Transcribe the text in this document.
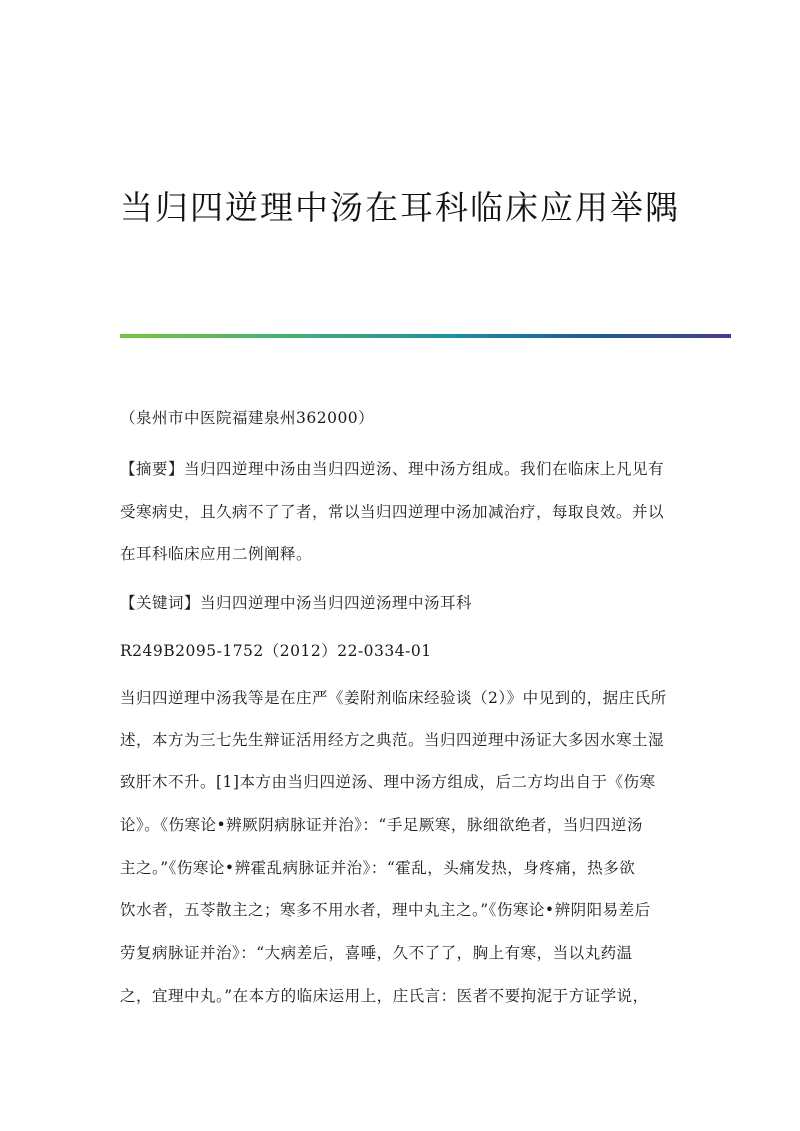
当归四逆理中汤在耳科临床应用举隅
（泉州市中医院福建泉州362000）
【摘要】当归四逆理中汤由当归四逆汤、理中汤方组成。我们在临床上凡见有
受寒病史，且久病不了了者，常以当归四逆理中汤加减治疗，每取良效。并以
在耳科临床应用二例阐释。
【关键词】当归四逆理中汤当归四逆汤理中汤耳科
R249B2095-1752（2012）22-0334-01
当归四逆理中汤我等是在庄严《姜附剂临床经验谈（2）》中见到的，据庄氏所
述，本方为三七先生辩证活用经方之典范。当归四逆理中汤证大多因水寒土湿
致肝木不升。[1]本方由当归四逆汤、理中汤方组成，后二方均出自于《伤寒
论》。《伤寒论•辨厥阴病脉证并治》：“手足厥寒，脉细欲绝者，当归四逆汤
主之。”《伤寒论•辨霍乱病脉证并治》：“霍乱，头痛发热，身疼痛，热多欲
饮水者，五苓散主之；寒多不用水者，理中丸主之。”《伤寒论•辨阴阳易差后
劳复病脉证并治》：“大病差后，喜唾，久不了了，胸上有寒，当以丸药温
之，宜理中丸。”在本方的临床运用上，庄氏言：医者不要拘泥于方证学说，
